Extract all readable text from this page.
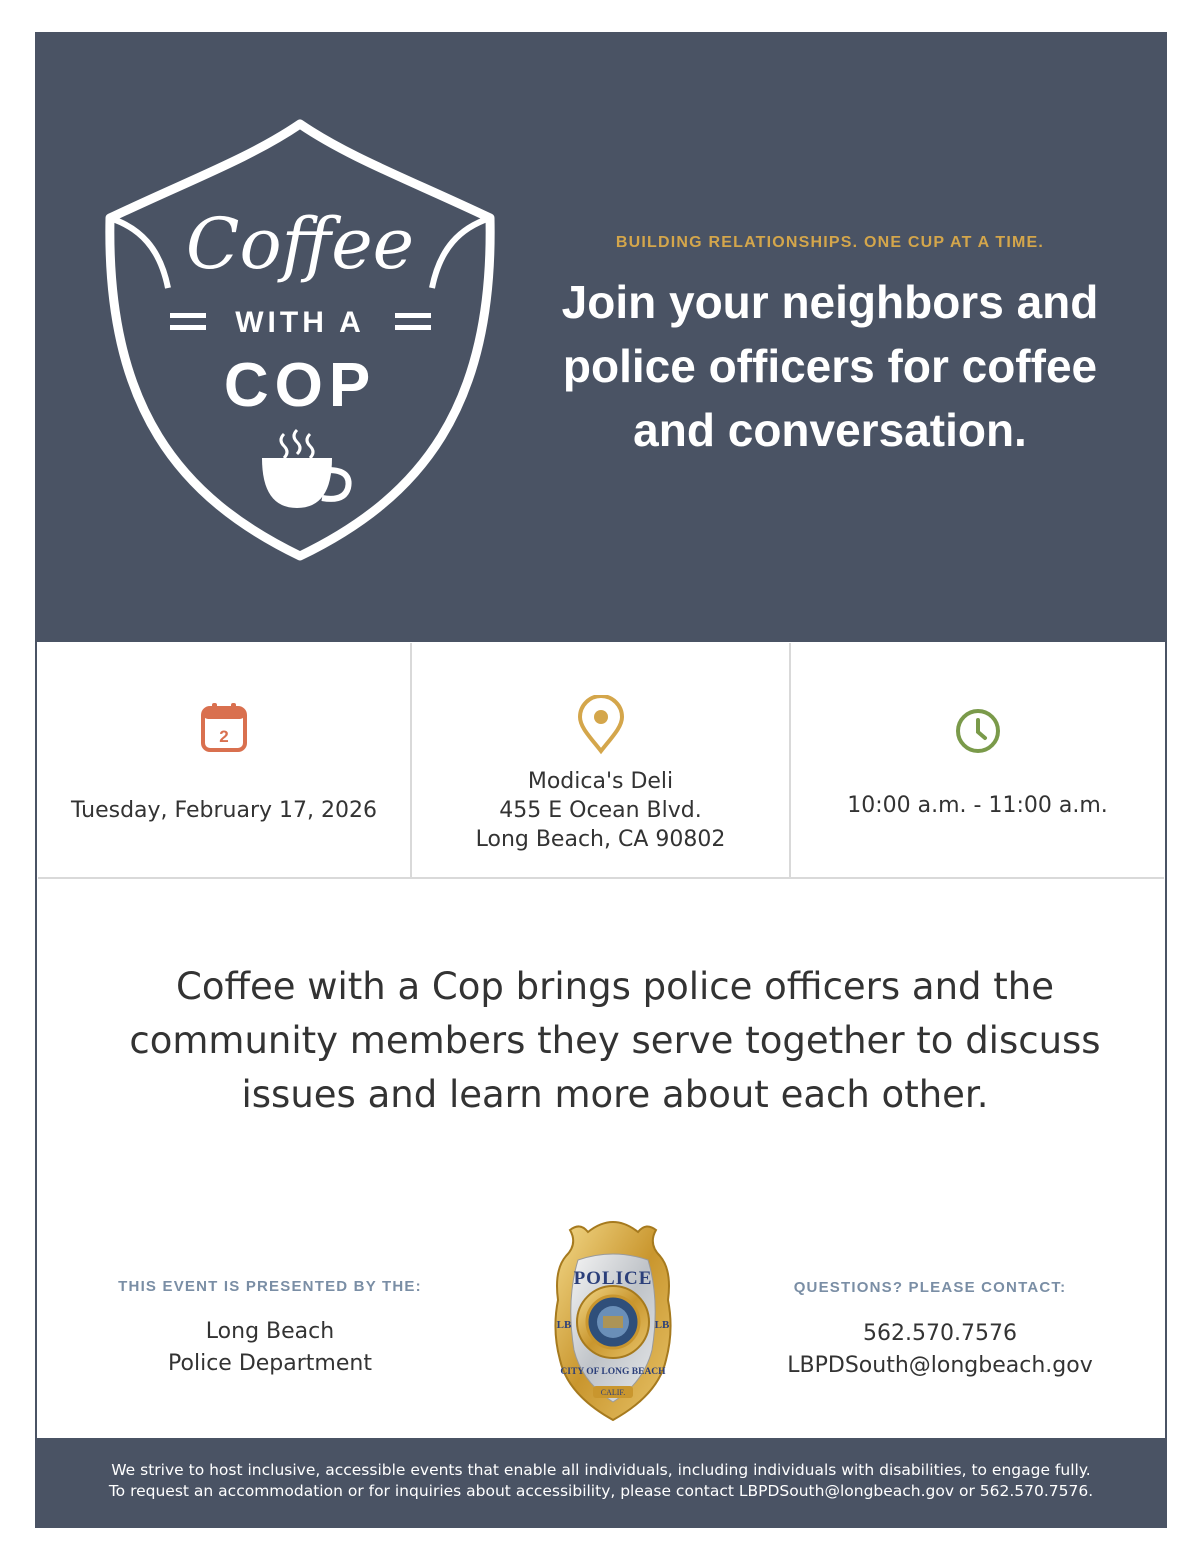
Coffee
WITH A
COP
BUILDING RELATIONSHIPS. ONE CUP AT A TIME.
Join your neighbors and
police officers for coffee
and conversation.
2
Tuesday, February 17, 2026
Modica's Deli
455 E Ocean Blvd.
Long Beach, CA 90802
10:00 a.m. - 11:00 a.m.
Coffee with a Cop brings police officers and the
community members they serve together to discuss
issues and learn more about each other.
THIS EVENT IS PRESENTED BY THE:
Long Beach
Police Department
POLICE
CITY OF LONG BEACH
LB	LB
CALIF.
QUESTIONS? PLEASE CONTACT:
562.570.7576
LBPDSouth@longbeach.gov
We strive to host inclusive, accessible events that enable all individuals, including individuals with disabilities, to engage fully.
To request an accommodation or for inquiries about accessibility, please contact LBPDSouth@longbeach.gov or 562.570.7576.
